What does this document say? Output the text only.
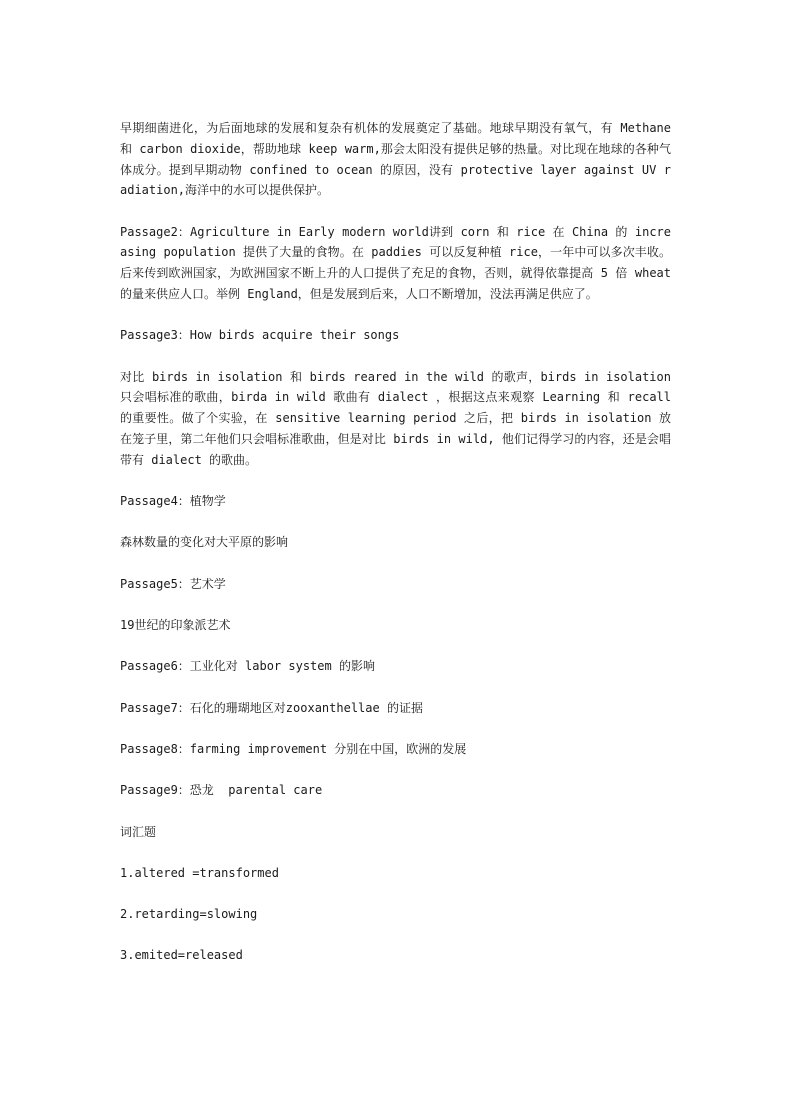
早期细菌进化，为后面地球的发展和复杂有机体的发展奠定了基础。地球早期没有氧气，有 Methane 和 carbon dioxide，帮助地球 keep warm,那会太阳没有提供足够的热量。对比现在地球的各种气体成分。提到早期动物 confined to ocean 的原因，没有 protective layer against UV radiation,海洋中的水可以提供保护。

Passage2：Agriculture in Early modern world讲到 corn 和 rice 在 China 的 increasing population 提供了大量的食物。在 paddies 可以反复种植 rice，一年中可以多次丰收。后来传到欧洲国家，为欧洲国家不断上升的人口提供了充足的食物，否则，就得依靠提高 5 倍 wheat 的量来供应人口。举例 England，但是发展到后来，人口不断增加，没法再满足供应了。

Passage3：How birds acquire their songs

对比 birds in isolation 和 birds reared in the wild 的歌声，birds in isolation 只会唱标准的歌曲，birda in wild 歌曲有 dialect ，根据这点来观察 Learning 和 recall 的重要性。做了个实验，在 sensitive learning period 之后，把 birds in isolation 放在笼子里，第二年他们只会唱标准歌曲，但是对比 birds in wild, 他们记得学习的内容，还是会唱带有 dialect 的歌曲。

Passage4：植物学

森林数量的变化对大平原的影响

Passage5：艺术学

19世纪的印象派艺术

Passage6：工业化对 labor system 的影响

Passage7：石化的珊瑚地区对zooxanthellae 的证据

Passage8：farming improvement 分别在中国，欧洲的发展

Passage9：恐龙  parental care

词汇题

1.altered =transformed

2.retarding=slowing

3.emited=released
